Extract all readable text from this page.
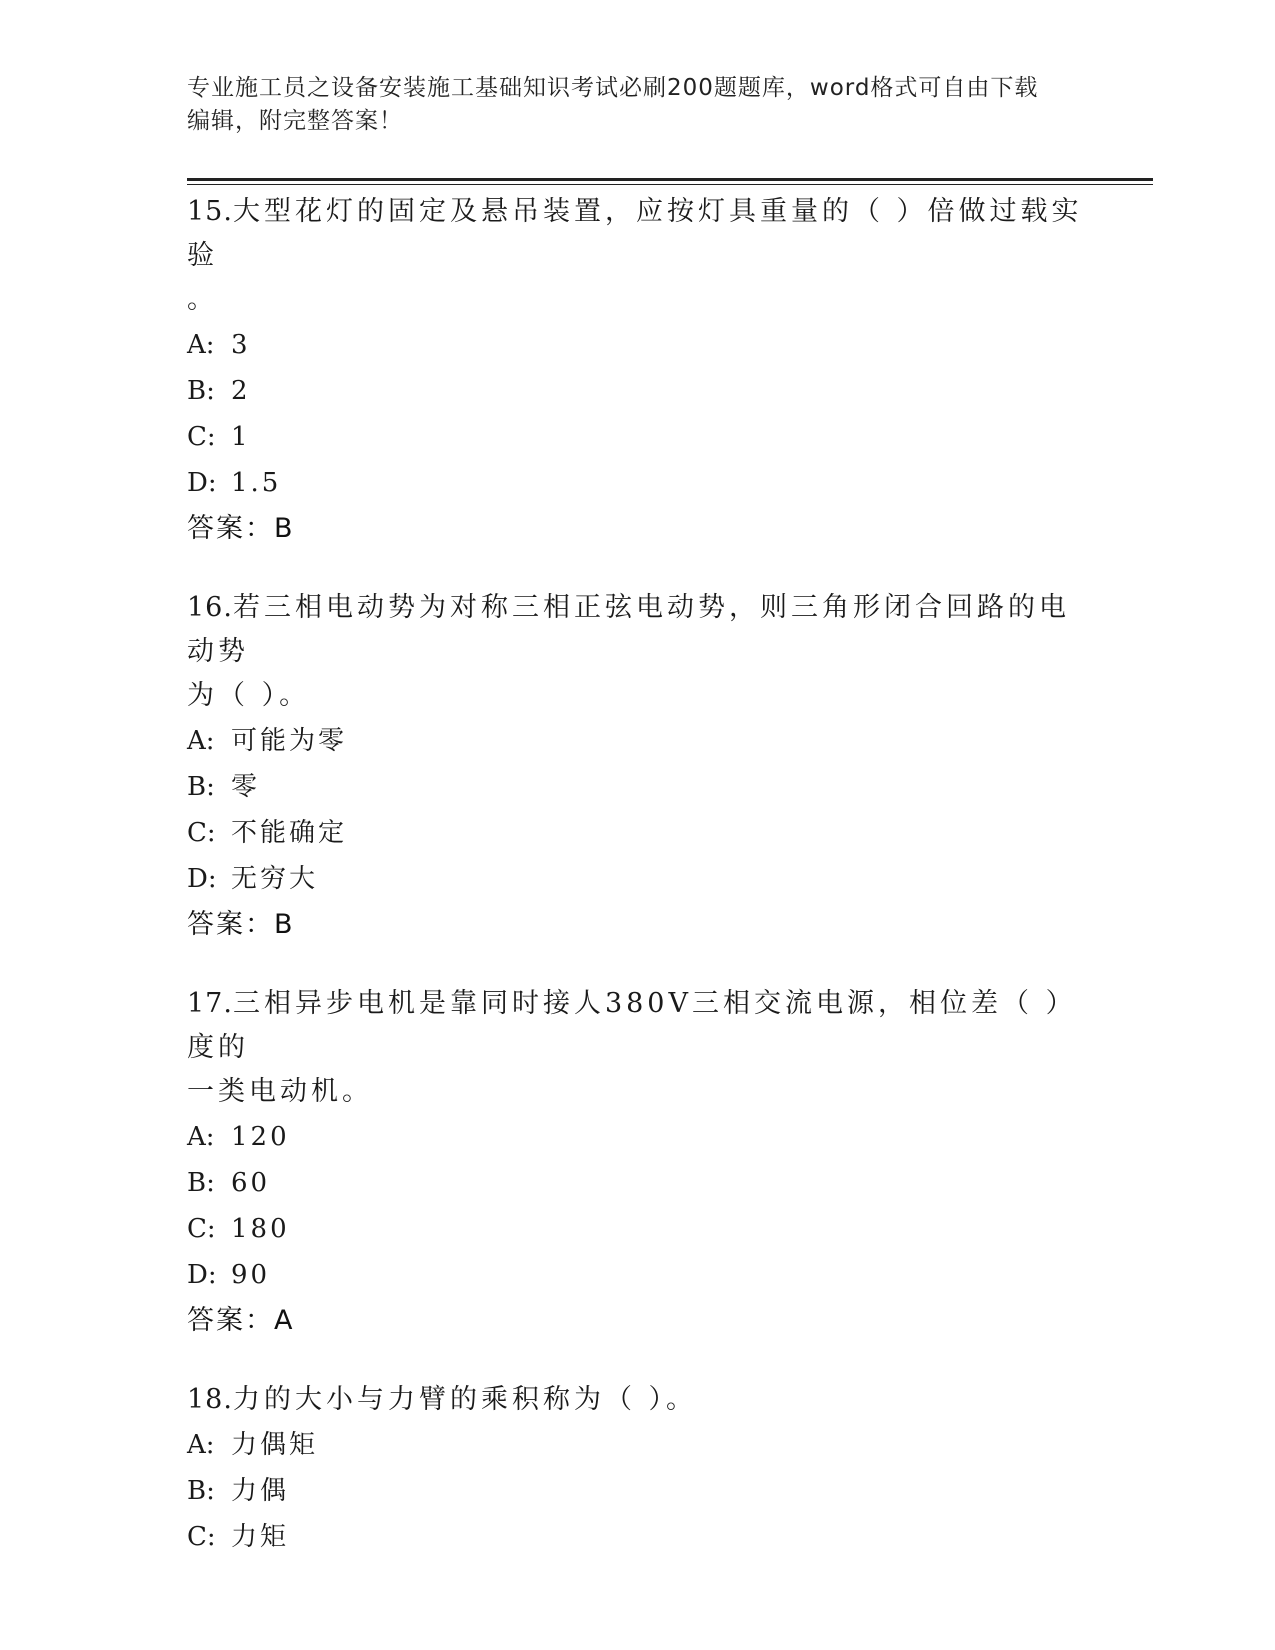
专业施工员之设备安装施工基础知识考试必刷200题题库，word格式可自由下载
编辑，附完整答案！
15.大型花灯的固定及悬吊装置，应按灯具重量的（ ）倍做过载实验
。
A: 3
B: 2
C: 1
D: 1.5
答案：B
16.若三相电动势为对称三相正弦电动势，则三角形闭合回路的电动势
为（ ）。
A: 可能为零
B: 零
C: 不能确定
D: 无穷大
答案：B
17.三相异步电机是靠同时接人380V三相交流电源，相位差（ ）度的
一类电动机。
A: 120
B: 60
C: 180
D: 90
答案：A
18.力的大小与力臂的乘积称为（ ）。
A: 力偶矩
B: 力偶
C: 力矩
